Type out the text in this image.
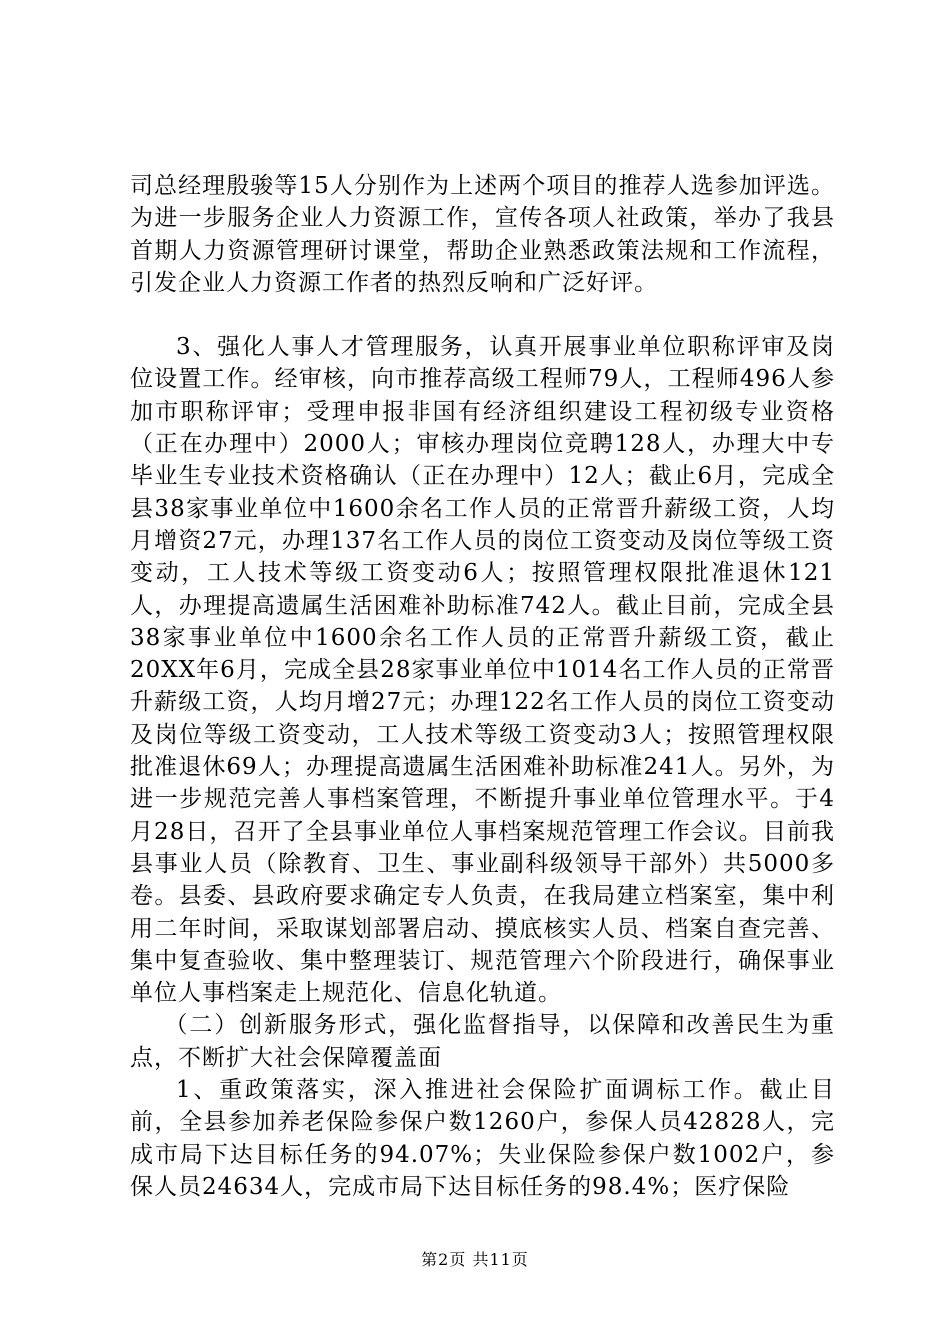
司总经理殷骏等15人分别作为上述两个项目的推荐人选参加评选。为进一步服务企业人力资源工作，宣传各项人社政策，举办了我县首期人力资源管理研讨课堂，帮助企业熟悉政策法规和工作流程，引发企业人力资源工作者的热烈反响和广泛好评。

3、强化人事人才管理服务，认真开展事业单位职称评审及岗位设置工作。经审核，向市推荐高级工程师79人，工程师496人参加市职称评审；受理申报非国有经济组织建设工程初级专业资格（正在办理中）2000人；审核办理岗位竞聘128人，办理大中专毕业生专业技术资格确认（正在办理中）12人；截止6月，完成全县38家事业单位中1600余名工作人员的正常晋升薪级工资，人均月增资27元，办理137名工作人员的岗位工资变动及岗位等级工资变动，工人技术等级工资变动6人；按照管理权限批准退休121人，办理提高遗属生活困难补助标准742人。截止目前，完成全县38家事业单位中1600余名工作人员的正常晋升薪级工资，截止20XX年6月，完成全县28家事业单位中1014名工作人员的正常晋升薪级工资，人均月增27元；办理122名工作人员的岗位工资变动及岗位等级工资变动，工人技术等级工资变动3人；按照管理权限批准退休69人；办理提高遗属生活困难补助标准241人。另外，为进一步规范完善人事档案管理，不断提升事业单位管理水平。于4月28日，召开了全县事业单位人事档案规范管理工作会议。目前我县事业人员（除教育、卫生、事业副科级领导干部外）共5000多卷。县委、县政府要求确定专人负责，在我局建立档案室，集中利用二年时间，采取谋划部署启动、摸底核实人员、档案自查完善、集中复查验收、集中整理装订、规范管理六个阶段进行，确保事业单位人事档案走上规范化、信息化轨道。

（二）创新服务形式，强化监督指导，以保障和改善民生为重点，不断扩大社会保障覆盖面

1、重政策落实，深入推进社会保险扩面调标工作。截止目前，全县参加养老保险参保户数1260户，参保人员42828人，完成市局下达目标任务的94.07%；失业保险参保户数1002户，参保人员24634人，完成市局下达目标任务的98.4%；医疗保险

第2页 共11页
